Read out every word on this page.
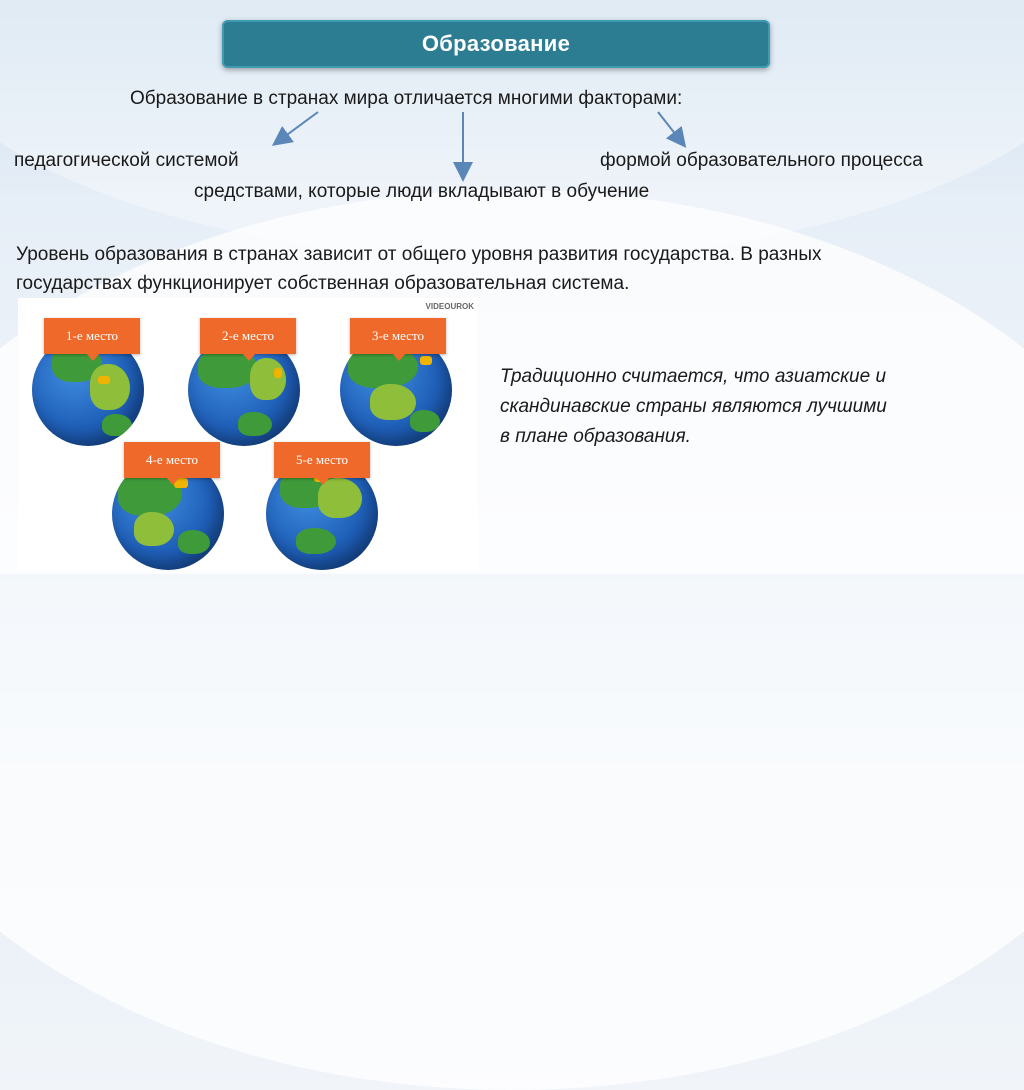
Образование
Образование в странах мира отличается многими факторами:
педагогической системой	формой образовательного процесса
средствами, которые люди вкладывают в обучение
Уровень образования в странах зависит от общего уровня развития государства. В разных
государствах функционирует собственная образовательная система.
VIDEOUROK
1-е место	2-е место	3-е место
4-е место	5-е место
Традиционно считается, что азиатские и
скандинавские страны являются лучшими
в плане образования.
